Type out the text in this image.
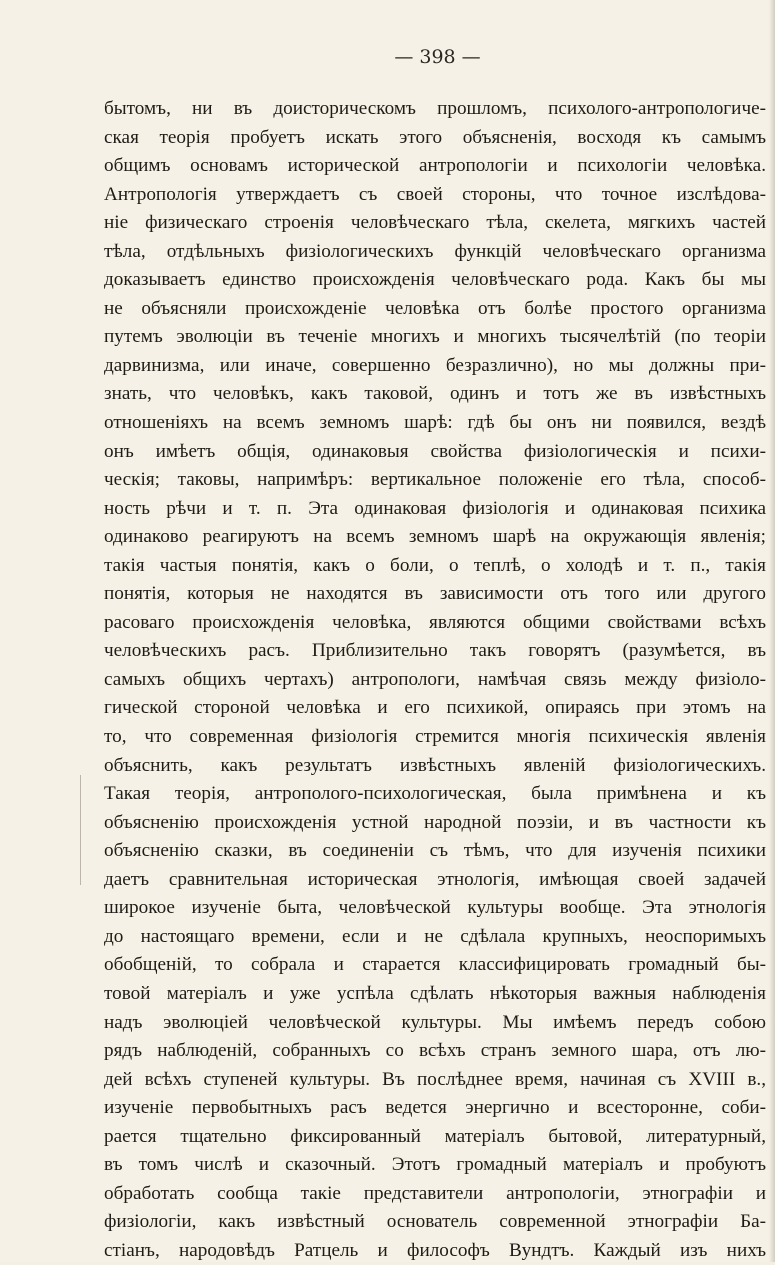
— 398 —
бытомъ, ни въ доисторическомъ прошломъ, психолого-антропологиче-
ская теорія пробуетъ искать этого объясненія, восходя къ самымъ
общимъ основамъ исторической антропологіи и психологіи человѣка.
Антропологія утверждаетъ съ своей стороны, что точное изслѣдова-
ніе физическаго строенія человѣческаго тѣла, скелета, мягкихъ частей
тѣла, отдѣльныхъ физіологическихъ функцій человѣческаго организма
доказываетъ единство происхожденія человѣческаго рода. Какъ бы мы
не объясняли происхожденіе человѣка отъ болѣе простого организма
путемъ эволюціи въ теченіе многихъ и многихъ тысячелѣтій (по теоріи
дарвинизма, или иначе, совершенно безразлично), но мы должны при-
знать, что человѣкъ, какъ таковой, одинъ и тотъ же въ извѣстныхъ
отношеніяхъ на всемъ земномъ шарѣ: гдѣ бы онъ ни появился, вездѣ
онъ имѣетъ общія, одинаковыя свойства физіологическія и психи-
ческія; таковы, напримѣръ: вертикальное положеніе его тѣла, способ-
ность рѣчи и т. п. Эта одинаковая физіологія и одинаковая психика
одинаково реагируютъ на всемъ земномъ шарѣ на окружающія явленія;
такія частыя понятія, какъ о боли, о теплѣ, о холодѣ и т. п., такія
понятія, которыя не находятся въ зависимости отъ того или другого
расоваго происхожденія человѣка, являются общими свойствами всѣхъ
человѣческихъ расъ. Приблизительно такъ говорятъ (разумѣется, въ
самыхъ общихъ чертахъ) антропологи, намѣчая связь между физіоло-
гической стороной человѣка и его психикой, опираясь при этомъ на
то, что современная физіологія стремится многія психическія явленія
объяснить, какъ результатъ извѣстныхъ явленій физіологическихъ.
Такая теорія, антрополого-психологическая, была примѣнена и къ
объясненію происхожденія устной народной поэзіи, и въ частности къ
объясненію сказки, въ соединеніи съ тѣмъ, что для изученія психики
даетъ сравнительная историческая этнологія, имѣющая своей задачей
широкое изученіе быта, человѣческой культуры вообще. Эта этнологія
до настоящаго времени, если и не сдѣлала крупныхъ, неоспоримыхъ
обобщеній, то собрала и старается классифицировать громадный бы-
товой матеріалъ и уже успѣла сдѣлать нѣкоторыя важныя наблюденія
надъ эволюціей человѣческой культуры. Мы имѣемъ передъ собою
рядъ наблюденій, собранныхъ со всѣхъ странъ земного шара, отъ лю-
дей всѣхъ ступеней культуры. Въ послѣднее время, начиная съ XVIII в.,
изученіе первобытныхъ расъ ведется энергично и всесторонне, соби-
рается тщательно фиксированный матеріалъ бытовой, литературный,
въ томъ числѣ и сказочный. Этотъ громадный матеріалъ и пробуютъ
обработать сообща такіе представители антропологіи, этнографіи и
физіологіи, какъ извѣстный основатель современной этнографіи Ба-
стіанъ, народовѣдъ Ратцель и философъ Вундтъ. Каждый изъ нихъ
